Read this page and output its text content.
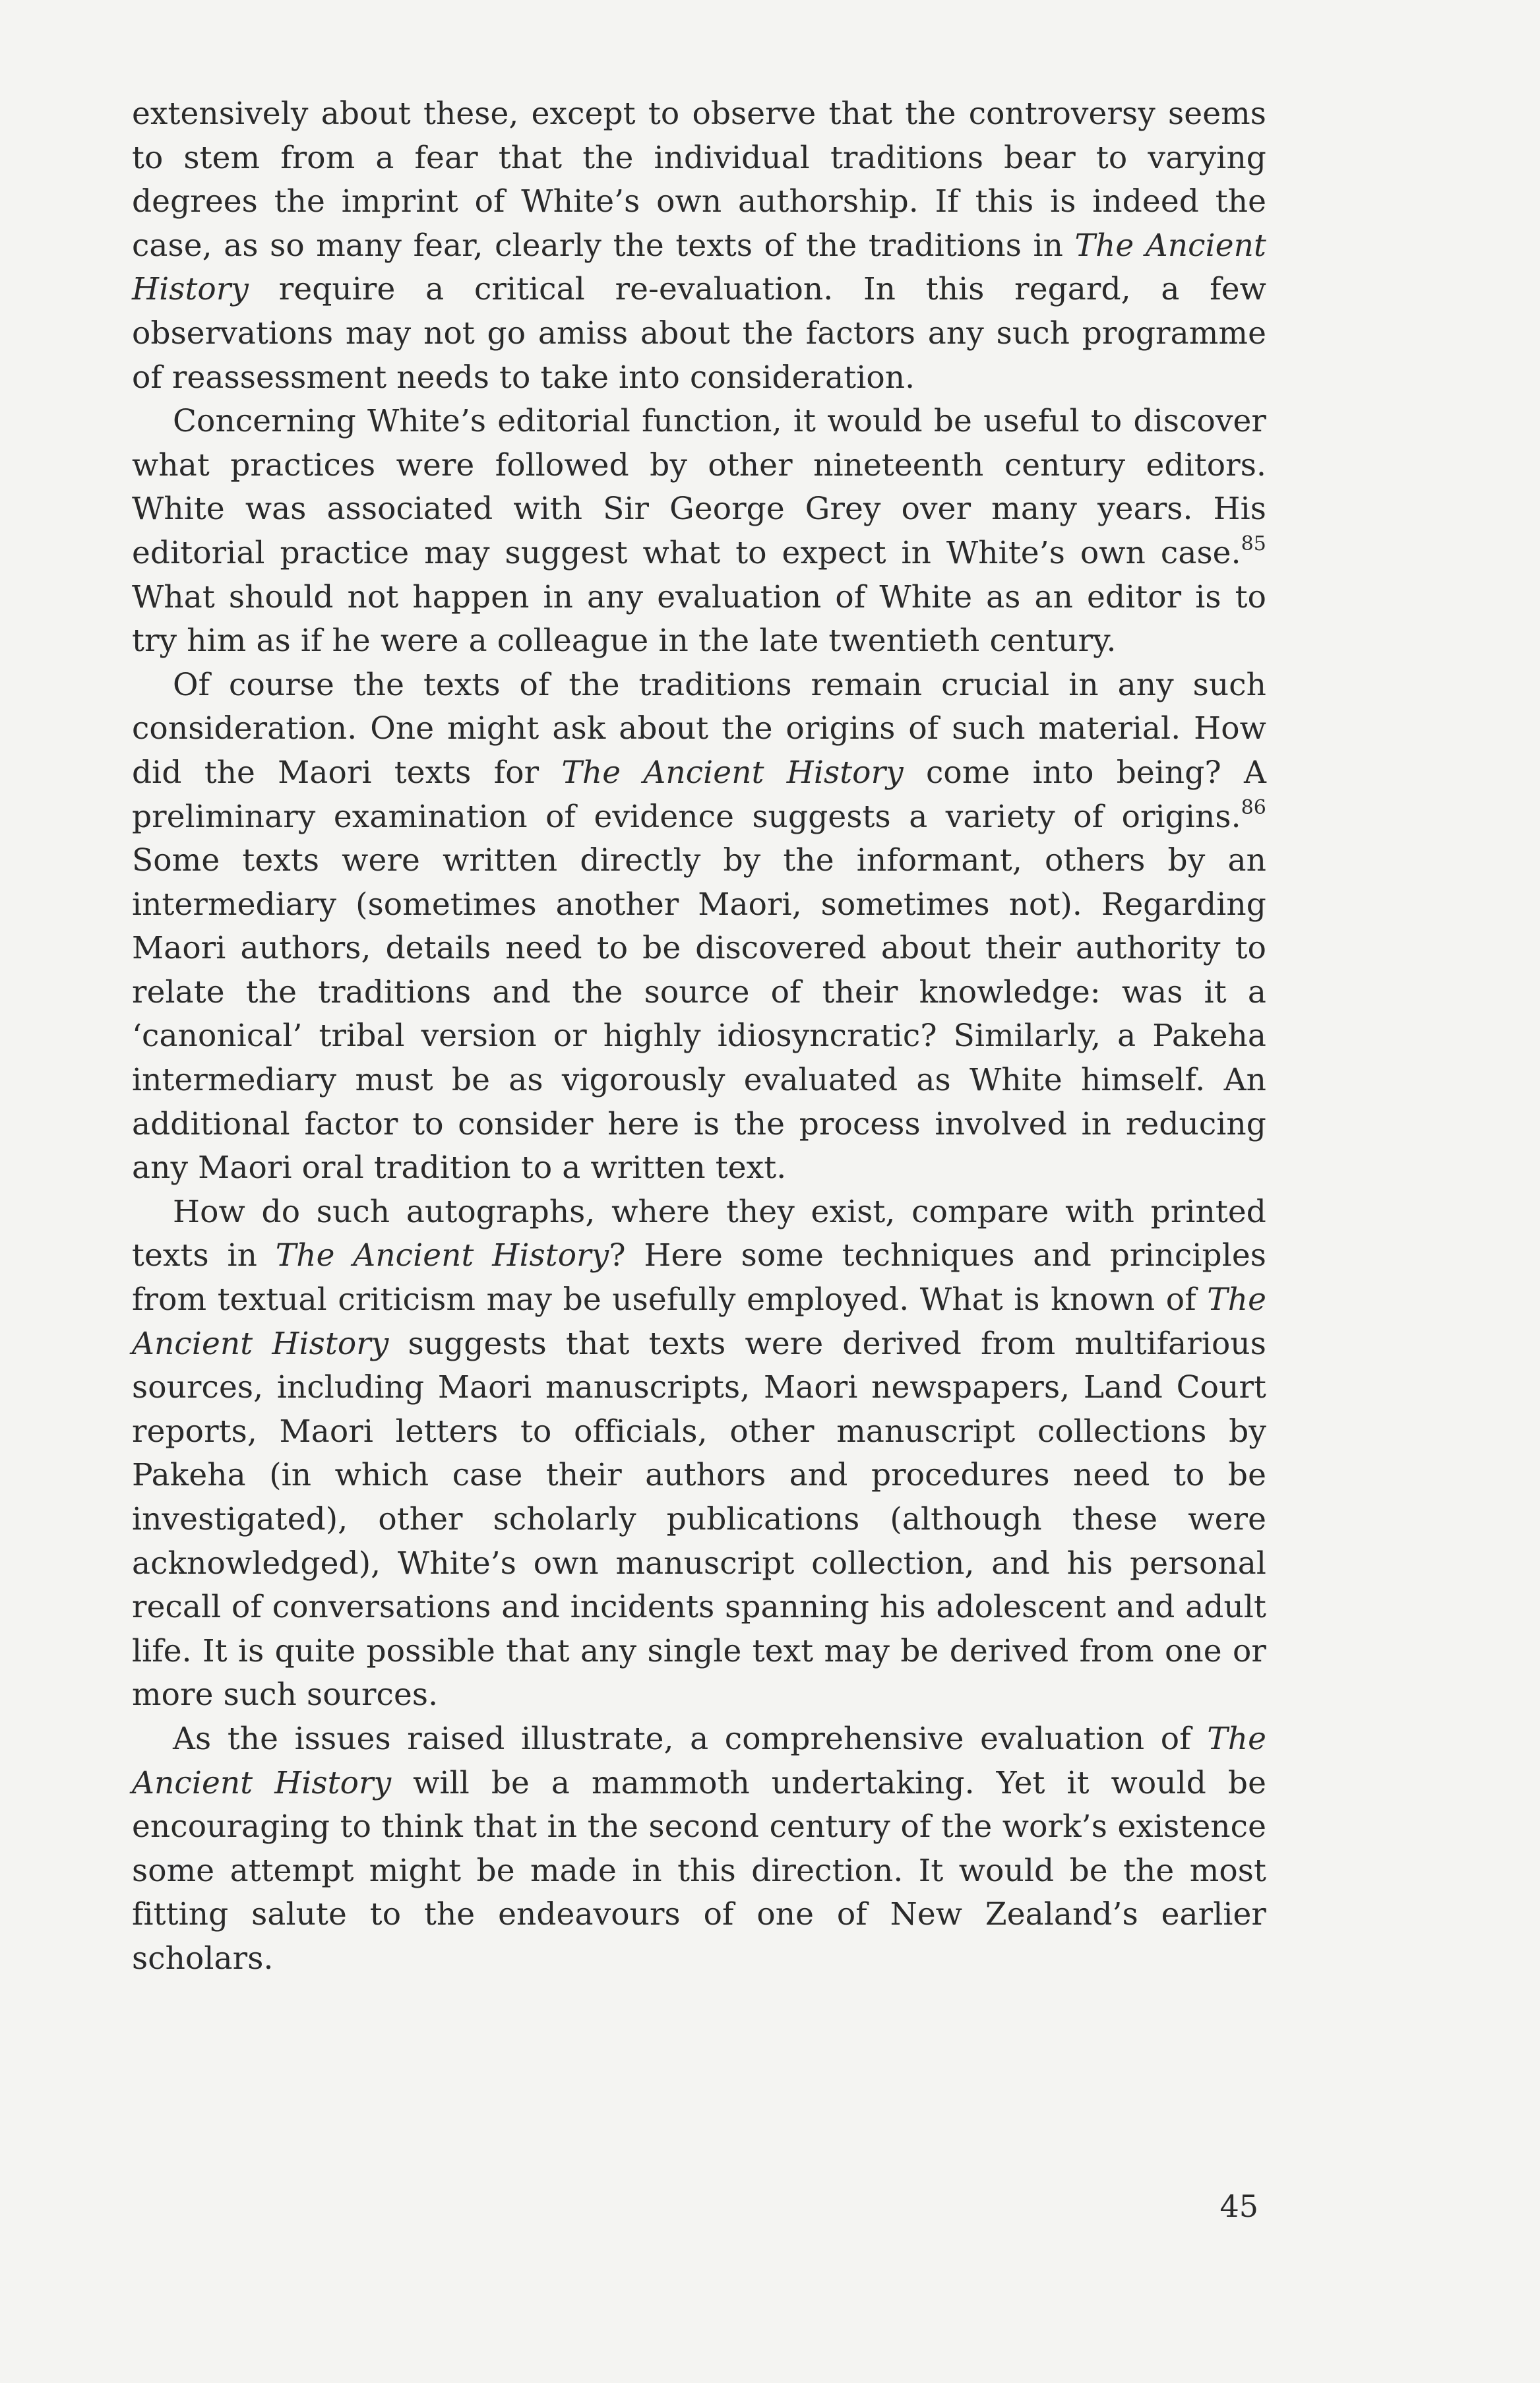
extensively about these, except to observe that the controversy seems to stem from a fear that the individual traditions bear to varying degrees the imprint of White’s own authorship. If this is indeed the case, as so many fear, clearly the texts of the traditions in The Ancient History require a critical re-evaluation. In this regard, a few observations may not go amiss about the factors any such programme of reassessment needs to take into consideration.

Concerning White’s editorial function, it would be useful to discover what practices were followed by other nineteenth century editors. White was associated with Sir George Grey over many years. His editorial practice may suggest what to expect in White’s own case.$^{85}$ What should not happen in any evaluation of White as an editor is to try him as if he were a colleague in the late twentieth century.

Of course the texts of the traditions remain crucial in any such consideration. One might ask about the origins of such material. How did the Maori texts for The Ancient History come into being? A preliminary examination of evidence suggests a variety of origins.$^{86}$ Some texts were written directly by the informant, others by an intermediary (sometimes another Maori, sometimes not). Regarding Maori authors, details need to be discovered about their authority to relate the traditions and the source of their knowledge: was it a ‘canonical’ tribal version or highly idiosyncratic? Similarly, a Pakeha intermediary must be as vigorously evaluated as White himself. An additional factor to consider here is the process involved in reducing any Maori oral tradition to a written text.

How do such autographs, where they exist, compare with printed texts in The Ancient History? Here some techniques and principles from textual criticism may be usefully employed. What is known of The Ancient History suggests that texts were derived from multifarious sources, including Maori manuscripts, Maori newspapers, Land Court reports, Maori letters to officials, other manuscript collections by Pakeha (in which case their authors and procedures need to be investigated), other scholarly publications (although these were acknowledged), White’s own manuscript collection, and his personal recall of conversations and incidents spanning his adolescent and adult life. It is quite possible that any single text may be derived from one or more such sources.

As the issues raised illustrate, a comprehensive evaluation of The Ancient History will be a mammoth undertaking. Yet it would be encouraging to think that in the second century of the work’s existence some attempt might be made in this direction. It would be the most fitting salute to the endeavours of one of New Zealand’s earlier scholars.

45
